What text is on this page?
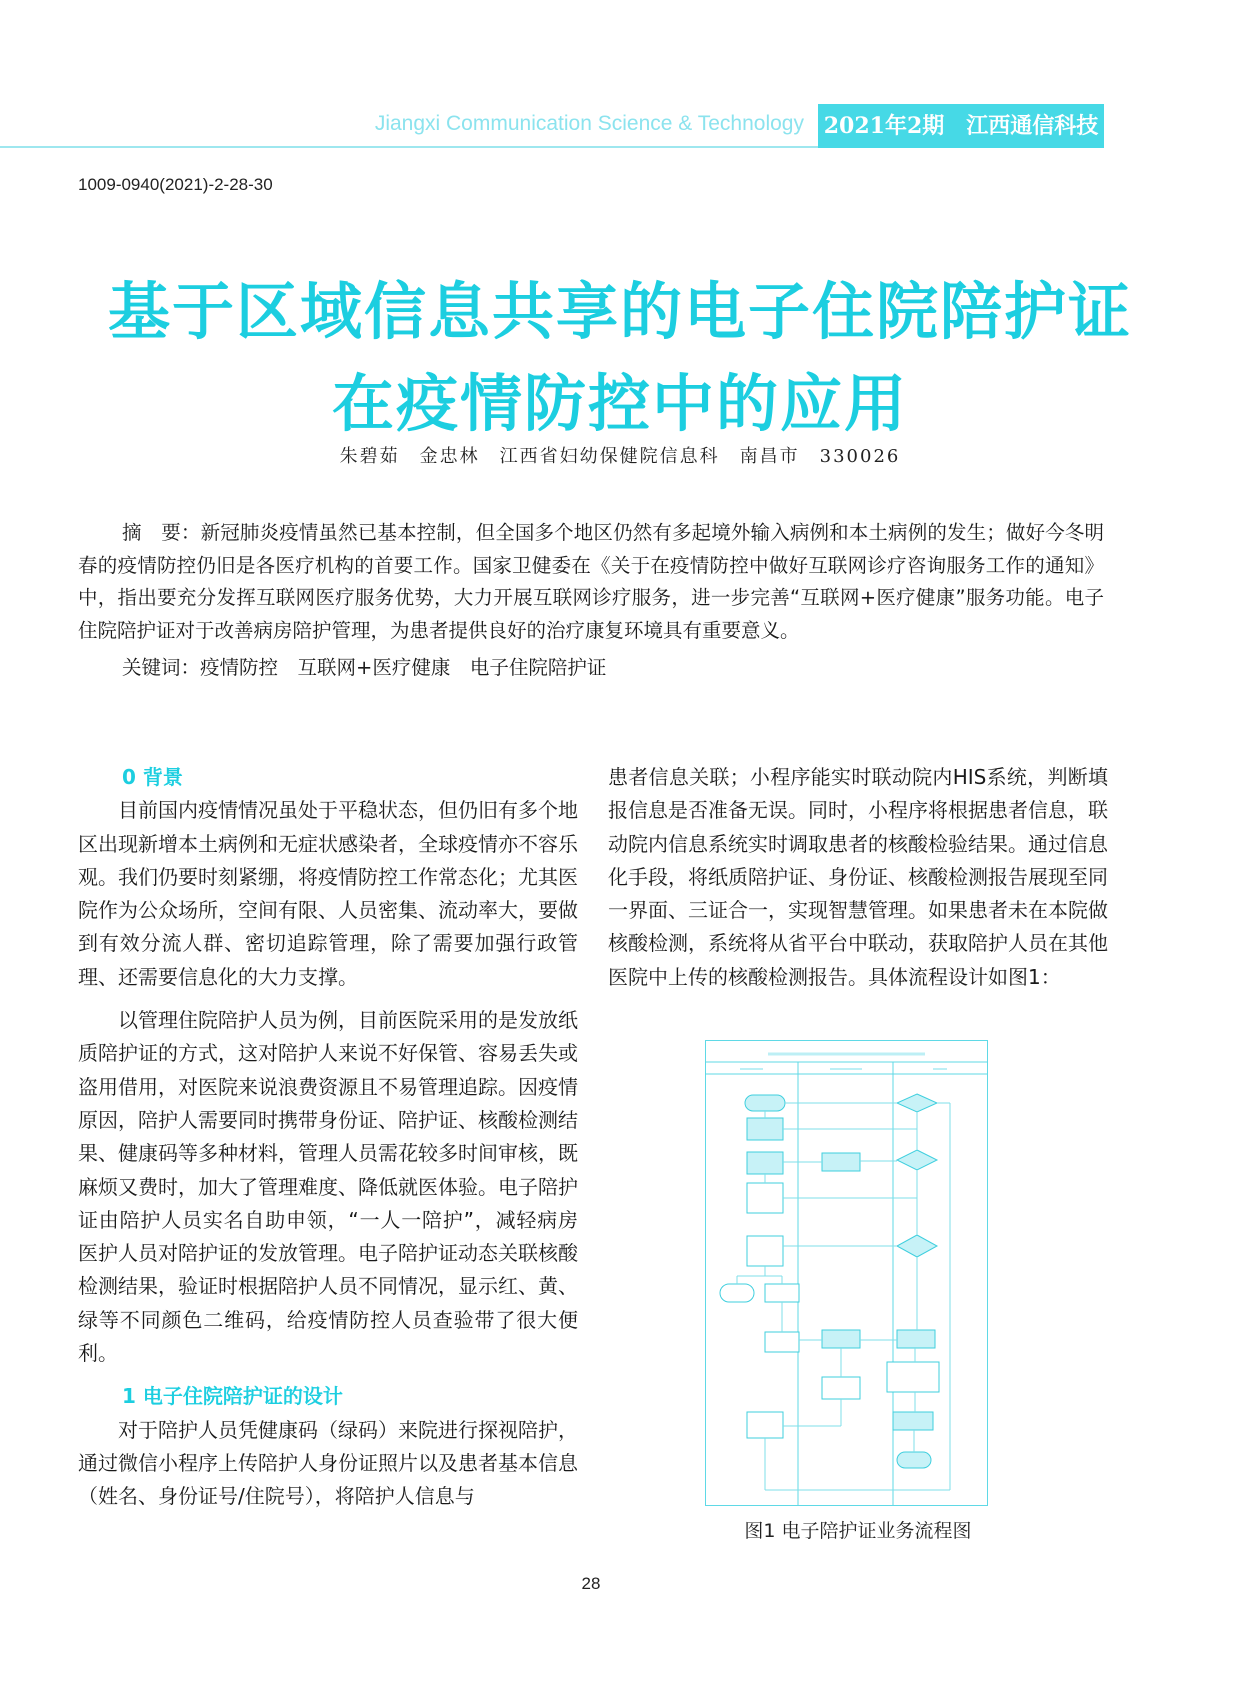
Jiangxi Communication Science & Technology 2021年2期　江西通信科技
1009-0940(2021)-2-28-30
基于区域信息共享的电子住院陪护证
在疫情防控中的应用
朱碧茹　金忠林　江西省妇幼保健院信息科　南昌市　330026

摘　要：新冠肺炎疫情虽然已基本控制，但全国多个地区仍然有多起境外输入病例和本土病例的发生；做好今冬明春的疫情防控仍旧是各医疗机构的首要工作。国家卫健委在《关于在疫情防控中做好互联网诊疗咨询服务工作的通知》中，指出要充分发挥互联网医疗服务优势，大力开展互联网诊疗服务，进一步完善“互联网+医疗健康”服务功能。电子住院陪护证对于改善病房陪护管理，为患者提供良好的治疗康复环境具有重要意义。

关键词：疫情防控　互联网+医疗健康　电子住院陪护证

0 背景

目前国内疫情情况虽处于平稳状态，但仍旧有多个地区出现新增本土病例和无症状感染者，全球疫情亦不容乐观。我们仍要时刻紧绷，将疫情防控工作常态化；尤其医院作为公众场所，空间有限、人员密集、流动率大，要做到有效分流人群、密切追踪管理，除了需要加强行政管理、还需要信息化的大力支撑。

以管理住院陪护人员为例，目前医院采用的是发放纸质陪护证的方式，这对陪护人来说不好保管、容易丢失或盗用借用，对医院来说浪费资源且不易管理追踪。因疫情原因，陪护人需要同时携带身份证、陪护证、核酸检测结果、健康码等多种材料，管理人员需花较多时间审核，既麻烦又费时，加大了管理难度、降低就医体验。电子陪护证由陪护人员实名自助申领，“一人一陪护”，减轻病房医护人员对陪护证的发放管理。电子陪护证动态关联核酸检测结果，验证时根据陪护人员不同情况，显示红、黄、绿等不同颜色二维码，给疫情防控人员查验带了很大便利。

1 电子住院陪护证的设计

对于陪护人员凭健康码（绿码）来院进行探视陪护，通过微信小程序上传陪护人身份证照片以及患者基本信息（姓名、身份证号/住院号），将陪护人信息与

患者信息关联；小程序能实时联动院内HIS系统，判断填报信息是否准备无误。同时，小程序将根据患者信息，联动院内信息系统实时调取患者的核酸检验结果。通过信息化手段，将纸质陪护证、身份证、核酸检测报告展现至同一界面、三证合一，实现智慧管理。如果患者未在本院做核酸检测，系统将从省平台中联动，获取陪护人员在其他医院中上传的核酸检测报告。具体流程设计如图1：

图1 电子陪护证业务流程图
28
